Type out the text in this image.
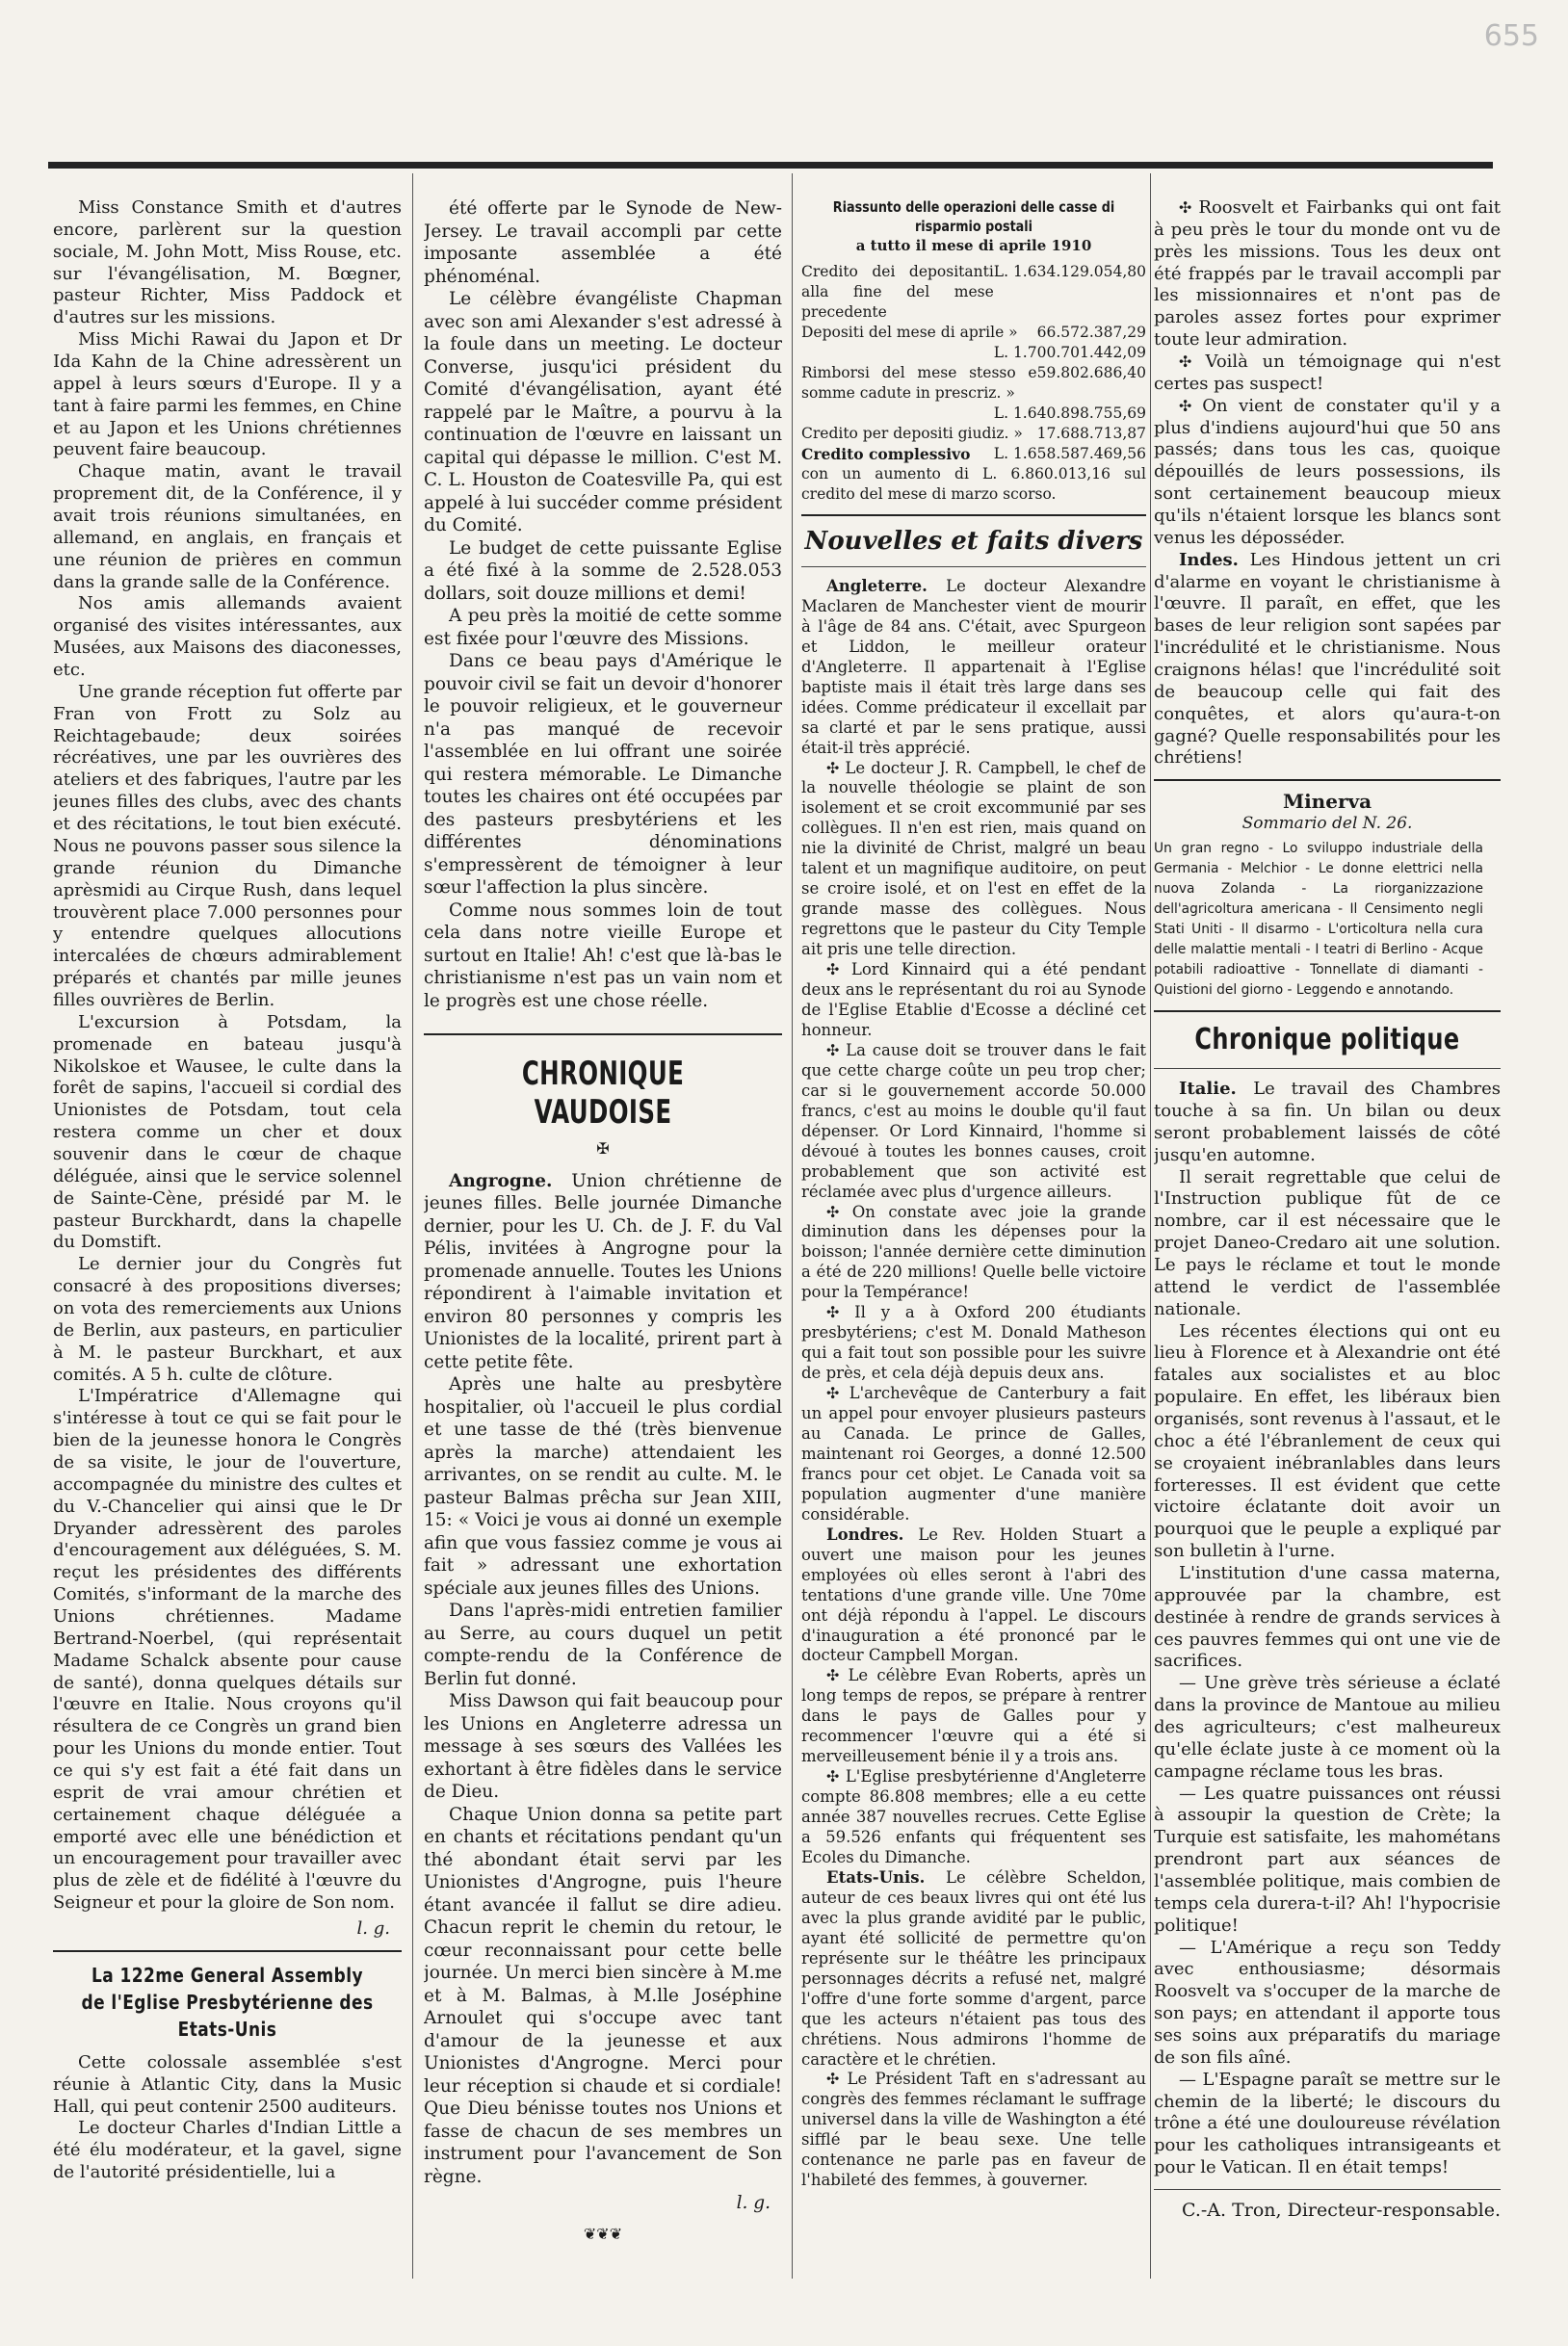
655

Miss Constance Smith et d'autres encore, parlèrent sur la question sociale, M. John Mott, Miss Rouse, etc. sur l'évangélisation, M. Bœgner, pasteur Richter, Miss Paddock et d'autres sur les missions.

Miss Michi Rawai du Japon et Dr Ida Kahn de la Chine adressèrent un appel à leurs sœurs d'Europe. Il y a tant à faire parmi les femmes, en Chine et au Japon et les Unions chrétiennes peuvent faire beaucoup.

Chaque matin, avant le travail proprement dit, de la Conférence, il y avait trois réunions simultanées, en allemand, en anglais, en français et une réunion de prières en commun dans la grande salle de la Conférence.

Nos amis allemands avaient organisé des visites intéressantes, aux Musées, aux Maisons des diaconesses, etc.

Une grande réception fut offerte par Fran von Frott zu Solz au Reichtagebaude; deux soirées récréatives, une par les ouvrières des ateliers et des fabriques, l'autre par les jeunes filles des clubs, avec des chants et des récitations, le tout bien exécuté. Nous ne pouvons passer sous silence la grande réunion du Dimanche aprèsmidi au Cirque Rush, dans lequel trouvèrent place 7.000 personnes pour y entendre quelques allocutions intercalées de chœurs admirablement préparés et chantés par mille jeunes filles ouvrières de Berlin.

L'excursion à Potsdam, la promenade en bateau jusqu'à Nikolskoe et Wausee, le culte dans la forêt de sapins, l'accueil si cordial des Unionistes de Potsdam, tout cela restera comme un cher et doux souvenir dans le cœur de chaque déléguée, ainsi que le service solennel de Sainte-Cène, présidé par M. le pasteur Burckhardt, dans la chapelle du Domstift.

Le dernier jour du Congrès fut consacré à des propositions diverses; on vota des remerciements aux Unions de Berlin, aux pasteurs, en particulier à M. le pasteur Burckhart, et aux comités. A 5 h. culte de clôture.

L'Impératrice d'Allemagne qui s'intéresse à tout ce qui se fait pour le bien de la jeunesse honora le Congrès de sa visite, le jour de l'ouverture, accompagnée du ministre des cultes et du V.-Chancelier qui ainsi que le Dr Dryander adressèrent des paroles d'encouragement aux déléguées, S. M. reçut les présidentes des différents Comités, s'informant de la marche des Unions chrétiennes. Madame Bertrand-Noerbel, (qui représentait Madame Schalck absente pour cause de santé), donna quelques détails sur l'œuvre en Italie. Nous croyons qu'il résultera de ce Congrès un grand bien pour les Unions du monde entier. Tout ce qui s'y est fait a été fait dans un esprit de vrai amour chrétien et certainement chaque déléguée a emporté avec elle une bénédiction et un encouragement pour travailler avec plus de zèle et de fidélité à l'œuvre du Seigneur et pour la gloire de Son nom.

l. g.
La 122me General Assembly
de l'Eglise Presbytérienne des Etats-Unis

Cette colossale assemblée s'est réunie à Atlantic City, dans la Music Hall, qui peut contenir 2500 auditeurs.

Le docteur Charles d'Indian Little a été élu modérateur, et la gavel, signe de l'autorité présidentielle, lui a

été offerte par le Synode de New-Jersey. Le travail accompli par cette imposante assemblée a été phénoménal.

Le célèbre évangéliste Chapman avec son ami Alexander s'est adressé à la foule dans un meeting. Le docteur Converse, jusqu'ici président du Comité d'évangélisation, ayant été rappelé par le Maître, a pourvu à la continuation de l'œuvre en laissant un capital qui dépasse le million. C'est M. C. L. Houston de Coatesville Pa, qui est appelé à lui succéder comme président du Comité.

Le budget de cette puissante Eglise a été fixé à la somme de 2.528.053 dollars, soit douze millions et demi!

A peu près la moitié de cette somme est fixée pour l'œuvre des Missions.

Dans ce beau pays d'Amérique le pouvoir civil se fait un devoir d'honorer le pouvoir religieux, et le gouverneur n'a pas manqué de recevoir l'assemblée en lui offrant une soirée qui restera mémorable. Le Dimanche toutes les chaires ont été occupées par des pasteurs presbytériens et les différentes dénominations s'empressèrent de témoigner à leur sœur l'affection la plus sincère.

Comme nous sommes loin de tout cela dans notre vieille Europe et surtout en Italie! Ah! c'est que là-bas le christianisme n'est pas un vain nom et le progrès est une chose réelle.

CHRONIQUE VAUDOISE
✠

Angrogne. Union chrétienne de jeunes filles. Belle journée Dimanche dernier, pour les U. Ch. de J. F. du Val Pélis, invitées à Angrogne pour la promenade annuelle. Toutes les Unions répondirent à l'aimable invitation et environ 80 personnes y compris les Unionistes de la localité, prirent part à cette petite fête.

Après une halte au presbytère hospitalier, où l'accueil le plus cordial et une tasse de thé (très bienvenue après la marche) attendaient les arrivantes, on se rendit au culte. M. le pasteur Balmas prêcha sur Jean XIII, 15: « Voici je vous ai donné un exemple afin que vous fassiez comme je vous ai fait » adressant une exhortation spéciale aux jeunes filles des Unions.

Dans l'après-midi entretien familier au Serre, au cours duquel un petit compte-rendu de la Conférence de Berlin fut donné.

Miss Dawson qui fait beaucoup pour les Unions en Angleterre adressa un message à ses sœurs des Vallées les exhortant à être fidèles dans le service de Dieu.

Chaque Union donna sa petite part en chants et récitations pendant qu'un thé abondant était servi par les Unionistes d'Angrogne, puis l'heure étant avancée il fallut se dire adieu. Chacun reprit le chemin du retour, le cœur reconnaissant pour cette belle journée. Un merci bien sincère à M.me et à M. Balmas, à M.lle Joséphine Arnoulet qui s'occupe avec tant d'amour de la jeunesse et aux Unionistes d'Angrogne. Merci pour leur réception si chaude et si cordiale! Que Dieu bénisse toutes nos Unions et fasse de chacun de ses membres un instrument pour l'avancement de Son règne.

l. g.
❦❦❦
Riassunto delle operazioni delle casse di risparmio postali
a tutto il mese di aprile 1910
Credito dei depositanti alla fine del mese precedente
L. 1.634.129.054,80
Depositi del mese di aprile » 66.572.387,29
L. 1.700.701.442,09
Rimborsi del mese stesso e somme cadute in prescriz. »
59.802.686,40
L. 1.640.898.755,69
Credito per depositi giudiz. » 17.688.713,87
Credito complessivo L. 1.658.587.469,56
con un aumento di L. 6.860.013,16 sul credito del mese di marzo scorso.
Nouvelles et faits divers

Angleterre. Le docteur Alexandre Maclaren de Manchester vient de mourir à l'âge de 84 ans. C'était, avec Spurgeon et Liddon, le meilleur orateur d'Angleterre. Il appartenait à l'Eglise baptiste mais il était très large dans ses idées. Comme prédicateur il excellait par sa clarté et par le sens pratique, aussi était-il très apprécié.

✣ Le docteur J. R. Campbell, le chef de la nouvelle théologie se plaint de son isolement et se croit excommunié par ses collègues. Il n'en est rien, mais quand on nie la divinité de Christ, malgré un beau talent et un magnifique auditoire, on peut se croire isolé, et on l'est en effet de la grande masse des collègues. Nous regrettons que le pasteur du City Temple ait pris une telle direction.

✣ Lord Kinnaird qui a été pendant deux ans le représentant du roi au Synode de l'Eglise Etablie d'Ecosse a décliné cet honneur.

✣ La cause doit se trouver dans le fait que cette charge coûte un peu trop cher; car si le gouvernement accorde 50.000 francs, c'est au moins le double qu'il faut dépenser. Or Lord Kinnaird, l'homme si dévoué à toutes les bonnes causes, croit probablement que son activité est réclamée avec plus d'urgence ailleurs.

✣ On constate avec joie la grande diminution dans les dépenses pour la boisson; l'année dernière cette diminution a été de 220 millions! Quelle belle victoire pour la Tempérance!

✣ Il y a à Oxford 200 étudiants presbytériens; c'est M. Donald Matheson qui a fait tout son possible pour les suivre de près, et cela déjà depuis deux ans.

✣ L'archevêque de Canterbury a fait un appel pour envoyer plusieurs pasteurs au Canada. Le prince de Galles, maintenant roi Georges, a donné 12.500 francs pour cet objet. Le Canada voit sa population augmenter d'une manière considérable.

Londres. Le Rev. Holden Stuart a ouvert une maison pour les jeunes employées où elles seront à l'abri des tentations d'une grande ville. Une 70me ont déjà répondu à l'appel. Le discours d'inauguration a été prononcé par le docteur Campbell Morgan.

✣ Le célèbre Evan Roberts, après un long temps de repos, se prépare à rentrer dans le pays de Galles pour y recommencer l'œuvre qui a été si merveilleusement bénie il y a trois ans.

✣ L'Eglise presbytérienne d'Angleterre compte 86.808 membres; elle a eu cette année 387 nouvelles recrues. Cette Eglise a 59.526 enfants qui fréquentent ses Ecoles du Dimanche.

Etats-Unis. Le célèbre Scheldon, auteur de ces beaux livres qui ont été lus avec la plus grande avidité par le public, ayant été sollicité de permettre qu'on représente sur le théâtre les principaux personnages décrits a refusé net, malgré l'offre d'une forte somme d'argent, parce que les acteurs n'étaient pas tous des chrétiens. Nous admirons l'homme de caractère et le chrétien.

✣ Le Président Taft en s'adressant au congrès des femmes réclamant le suffrage universel dans la ville de Washington a été sifflé par le beau sexe. Une telle contenance ne parle pas en faveur de l'habileté des femmes, à gouverner.

✣ Roosvelt et Fairbanks qui ont fait à peu près le tour du monde ont vu de près les missions. Tous les deux ont été frappés par le travail accompli par les missionnaires et n'ont pas de paroles assez fortes pour exprimer toute leur admiration.

✣ Voilà un témoignage qui n'est certes pas suspect!

✣ On vient de constater qu'il y a plus d'indiens aujourd'hui que 50 ans passés; dans tous les cas, quoique dépouillés de leurs possessions, ils sont certainement beaucoup mieux qu'ils n'étaient lorsque les blancs sont venus les déposséder.

Indes. Les Hindous jettent un cri d'alarme en voyant le christianisme à l'œuvre. Il paraît, en effet, que les bases de leur religion sont sapées par l'incrédulité et le christianisme. Nous craignons hélas! que l'incrédulité soit de beaucoup celle qui fait des conquêtes, et alors qu'aura-t-on gagné? Quelle responsabilités pour les chrétiens!

Minerva
Sommario del N. 26.
Un gran regno - Lo sviluppo industriale della Germania - Melchior - Le donne elettrici nella nuova Zolanda - La riorganizzazione dell'agricoltura americana - Il Censimento negli Stati Uniti - Il disarmo - L'orticoltura nella cura delle malattie mentali - I teatri di Berlino - Acque potabili radioattive - Tonnellate di diamanti - Quistioni del giorno - Leggendo e annotando.
Chronique politique

Italie. Le travail des Chambres touche à sa fin. Un bilan ou deux seront probablement laissés de côté jusqu'en automne.

Il serait regrettable que celui de l'Instruction publique fût de ce nombre, car il est nécessaire que le projet Daneo-Credaro ait une solution. Le pays le réclame et tout le monde attend le verdict de l'assemblée nationale.

Les récentes élections qui ont eu lieu à Florence et à Alexandrie ont été fatales aux socialistes et au bloc populaire. En effet, les libéraux bien organisés, sont revenus à l'assaut, et le choc a été l'ébranlement de ceux qui se croyaient inébranlables dans leurs forteresses. Il est évident que cette victoire éclatante doit avoir un pourquoi que le peuple a expliqué par son bulletin à l'urne.

L'institution d'une cassa materna, approuvée par la chambre, est destinée à rendre de grands services à ces pauvres femmes qui ont une vie de sacrifices.

— Une grève très sérieuse a éclaté dans la province de Mantoue au milieu des agriculteurs; c'est malheureux qu'elle éclate juste à ce moment où la campagne réclame tous les bras.

— Les quatre puissances ont réussi à assoupir la question de Crète; la Turquie est satisfaite, les mahométans prendront part aux séances de l'assemblée politique, mais combien de temps cela durera-t-il? Ah! l'hypocrisie politique!

— L'Amérique a reçu son Teddy avec enthousiasme; désormais Roosvelt va s'occuper de la marche de son pays; en attendant il apporte tous ses soins aux préparatifs du mariage de son fils aîné.

— L'Espagne paraît se mettre sur le chemin de la liberté; le discours du trône a été une douloureuse révélation pour les catholiques intransigeants et pour le Vatican. Il en était temps!

C.-A. Tron, Directeur-responsable.
